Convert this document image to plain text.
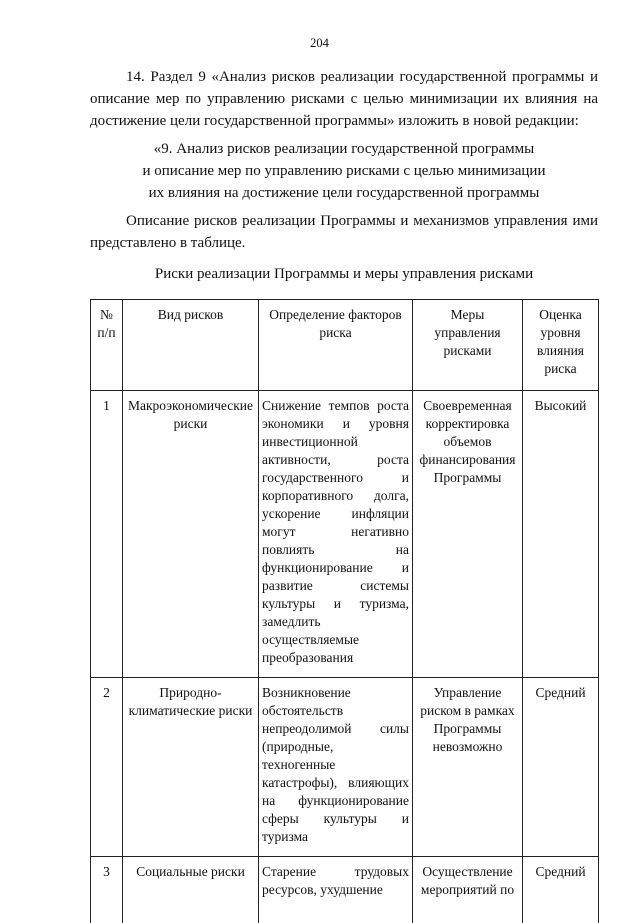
204

14. Раздел 9 «Анализ рисков реализации государственной программы и описание мер по управлению рисками с целью минимизации их влияния на достижение цели государственной программы» изложить в новой редакции:

«9. Анализ рисков реализации государственной программы
и описание мер по управлению рисками с целью минимизации
их влияния на достижение цели государственной программы

Описание рисков реализации Программы и механизмов управления ими представлено в таблице.

Риски реализации Программы и меры управления рисками
№ п/п	Вид рисков	Определение факторов риска	Меры управления рисками	Оценка уровня влияния риска
1	Макроэкономические риски	Снижение темпов роста экономики и уровня инвестиционной активности, роста государственного и корпоративного долга, ускорение инфляции могут негативно повлиять на функционирование и развитие системы культуры и туризма, замедлить осуществляемые преобразования	Своевременная корректировка объемов финансирования Программы	Высокий
2	Природно-климатические риски	Возникновение обстоятельств непреодолимой силы (природные, техногенные катастрофы), влияющих на функционирование сферы культуры и туризма	Управление риском в рамках Программы невозможно	Средний
3	Социальные риски	Старение трудовых ресурсов, ухудшение	Осуществление мероприятий по	Средний
